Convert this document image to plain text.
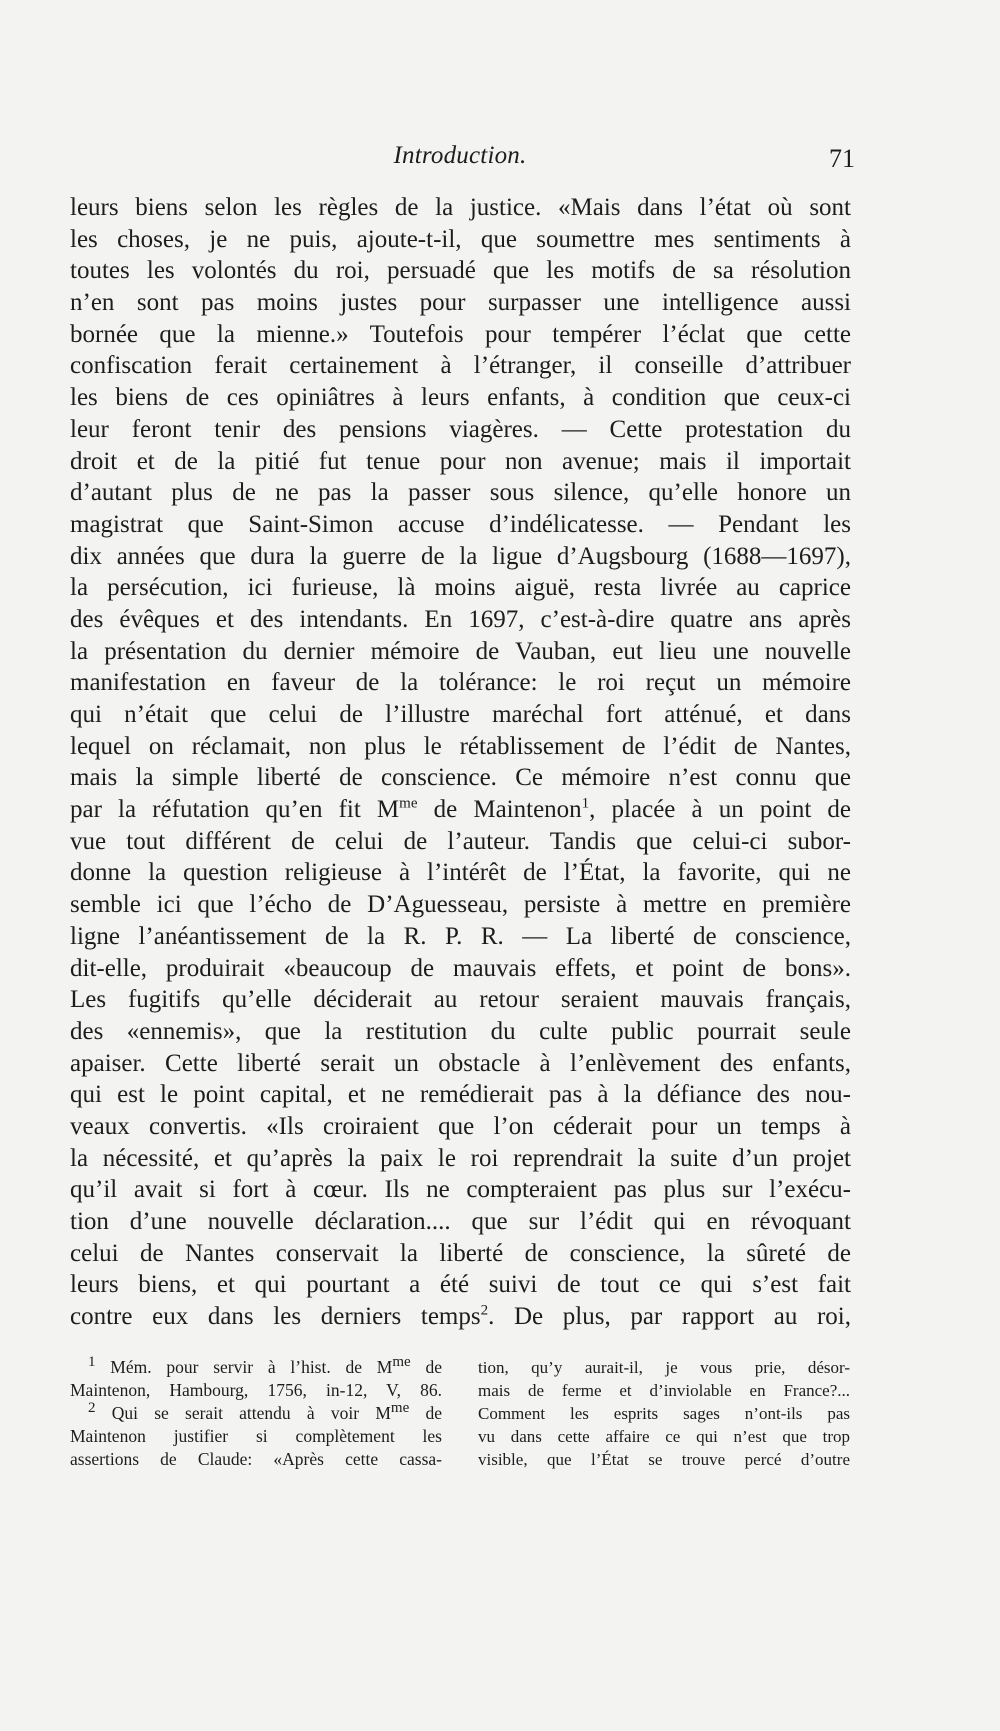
Introduction.	71
leurs biens selon les règles de la justice. «Mais dans l’état où sont
les choses, je ne puis, ajoute-t-il, que soumettre mes sentiments à
toutes les volontés du roi, persuadé que les motifs de sa résolution
n’en sont pas moins justes pour surpasser une intelligence aussi
bornée que la mienne.» Toutefois pour tempérer l’éclat que cette
confiscation ferait certainement à l’étranger, il conseille d’attribuer
les biens de ces opiniâtres à leurs enfants, à condition que ceux-ci
leur feront tenir des pensions viagères. — Cette protestation du
droit et de la pitié fut tenue pour non avenue; mais il importait
d’autant plus de ne pas la passer sous silence, qu’elle honore un
magistrat que Saint-Simon accuse d’indélicatesse. — Pendant les
dix années que dura la guerre de la ligue d’Augsbourg (1688—1697),
la persécution, ici furieuse, là moins aiguë, resta livrée au caprice
des évêques et des intendants. En 1697, c’est-à-dire quatre ans après
la présentation du dernier mémoire de Vauban, eut lieu une nouvelle
manifestation en faveur de la tolérance: le roi reçut un mémoire
qui n’était que celui de l’illustre maréchal fort atténué, et dans
lequel on réclamait, non plus le rétablissement de l’édit de Nantes,
mais la simple liberté de conscience. Ce mémoire n’est connu que
par la réfutation qu’en fit $M^{me}$ de Maintenon$^1$, placée à un point de
vue tout différent de celui de l’auteur. Tandis que celui-ci subor-
donne la question religieuse à l’intérêt de l’État, la favorite, qui ne
semble ici que l’écho de D’Aguesseau, persiste à mettre en première
ligne l’anéantissement de la R. P. R. — La liberté de conscience,
dit-elle, produirait «beaucoup de mauvais effets, et point de bons».
Les fugitifs qu’elle déciderait au retour seraient mauvais français,
des «ennemis», que la restitution du culte public pourrait seule
apaiser. Cette liberté serait un obstacle à l’enlèvement des enfants,
qui est le point capital, et ne remédierait pas à la défiance des nou-
veaux convertis. «Ils croiraient que l’on céderait pour un temps à
la nécessité, et qu’après la paix le roi reprendrait la suite d’un projet
qu’il avait si fort à cœur. Ils ne compteraient pas plus sur l’exécu-
tion d’une nouvelle déclaration.... que sur l’édit qui en révoquant
celui de Nantes conservait la liberté de conscience, la sûreté de
leurs biens, et qui pourtant a été suivi de tout ce qui s’est fait
contre eux dans les derniers temps$^2$. De plus, par rapport au roi,
$^1$ Mém. pour servir à l’hist. de $M^{me}$ de
Maintenon, Hambourg, 1756, in-12, V, 86.
$^2$ Qui se serait attendu à voir $M^{me}$ de
Maintenon justifier si complètement les
assertions de Claude: «Après cette cassa-
tion, qu’y aurait-il, je vous prie, désor-
mais de ferme et d’inviolable en France?...
Comment les esprits sages n’ont-ils pas
vu dans cette affaire ce qui n’est que trop
visible, que l’État se trouve percé d’outre
